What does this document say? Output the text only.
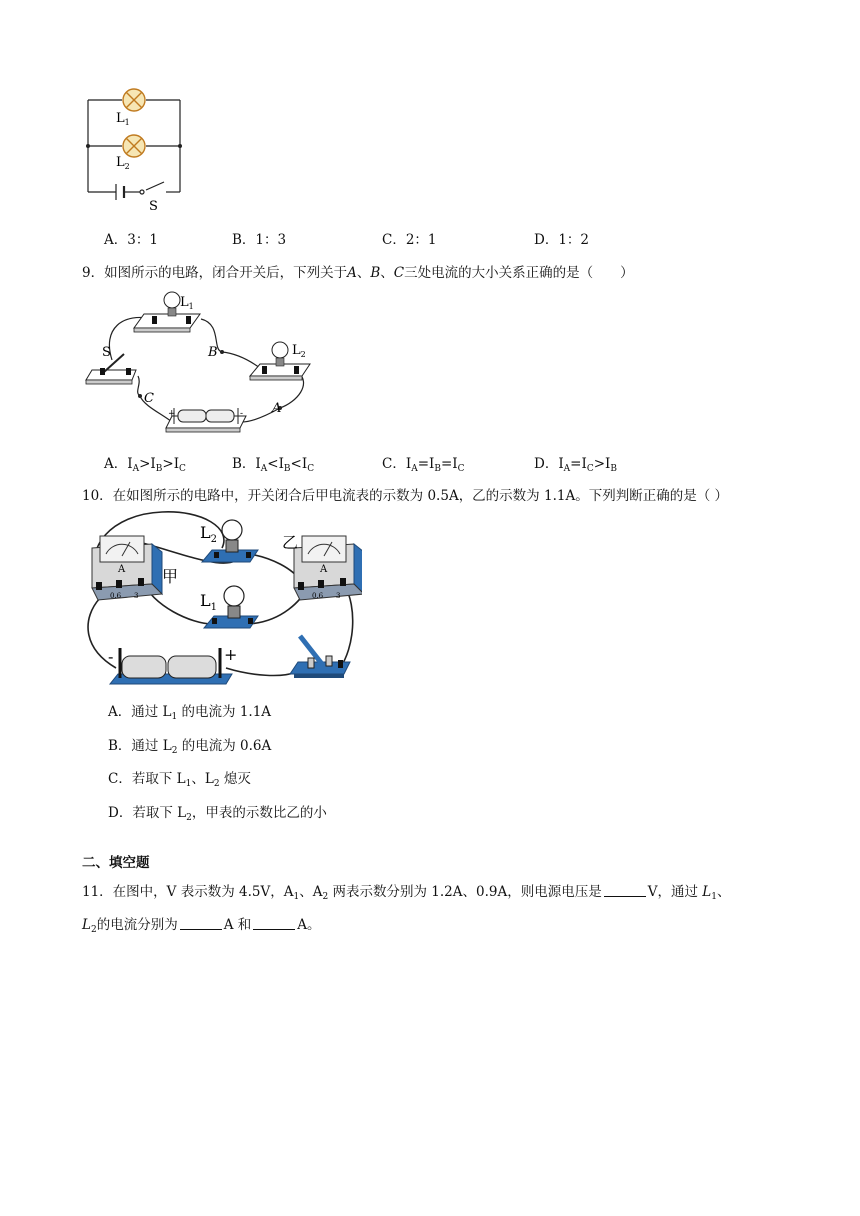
$L_1$
$L_2$
S
A．3：1	B．1：3	C．2：1	D．1：2
9．如图所示的电路，闭合开关后，下列关于A、B、C三处电流的大小关系正确的是（　　）
+	-
$L_1$
$L_2$
S	B
A
C
A．$I_A>I_B>I_C$	B．$I_A<I_B<I_C$	C．$I_A=I_B=I_C$	D．$I_A=I_C>I_B$
10．在如图所示的电路中，开关闭合后甲电流表的示数为 0.5A，乙的示数为 1.1A。下列判断正确的是（ ）
A
0.6 3
A
0.6 3
-	+
甲
乙
$L_2$
$L_1$
A．通过 $L_1$ 的电流为 1.1A
B．通过 $L_2$ 的电流为 0.6A
C．若取下 $L_1$、$L_2$ 熄灭
D．若取下 $L_2$，甲表的示数比乙的小
二、填空题
11．在图中，V 表示数为 4.5V，$A_1$、$A_2$ 两表示数分别为 1.2A、0.9A，则电源电压是	V，通过 $L_1$、
$L_2$的电流分别为	A 和	A。
